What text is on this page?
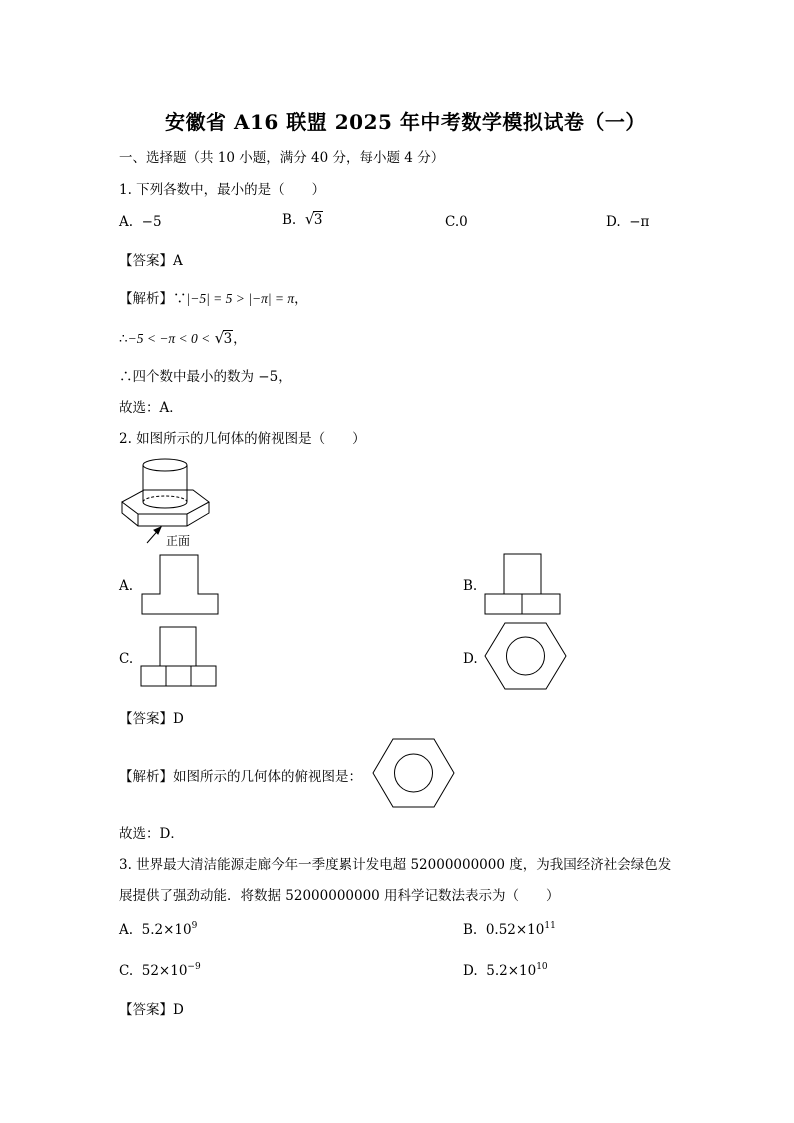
安徽省 A16 联盟 2025 年中考数学模拟试卷（一）
一、选择题（共 10 小题，满分 40 分，每小题 4 分）
1. 下列各数中，最小的是（　　）
A. −5	B. √ 3	C.0	D. −π
【答案】A
【解析】∵|−5| = 5 > |−π| = π，
∴−5 < −π < 0 < √ 3，
∴四个数中最小的数为 −5，
故选：A．
2. 如图所示的几何体的俯视图是（　　）
正面
A.	B.
C.	D.
【答案】D
【解析】如图所示的几何体的俯视图是：
故选：D．
3. 世界最大清洁能源走廊今年一季度累计发电超 52000000000 度，为我国经济社会绿色发
展提供了强劲动能．将数据 52000000000 用科学记数法表示为（　　）
A. $5.2\times 10^9$	B. $0.52\times 10^{11}$
C. $52\times 10^{-9}$	D. $5.2\times 10^{10}$
【答案】D
